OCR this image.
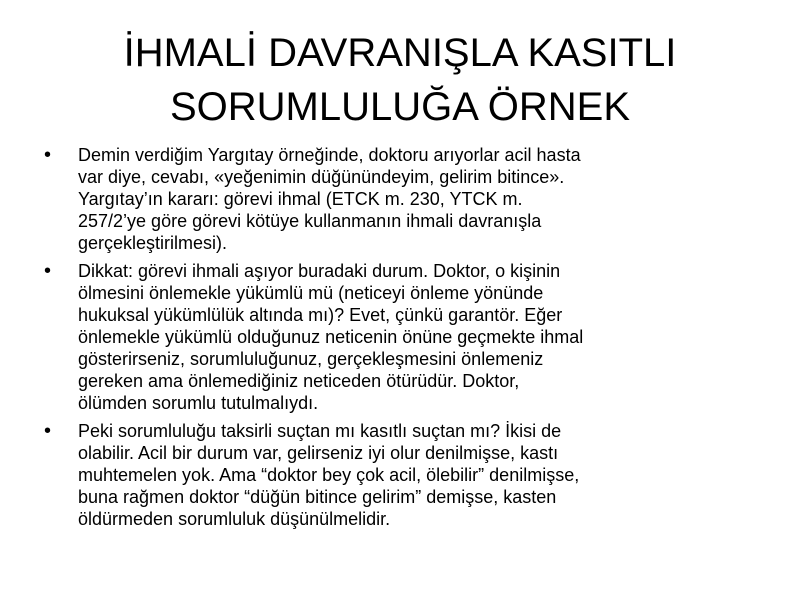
İHMALİ DAVRANIŞLA KASITLI
SORUMLULUĞA ÖRNEK
• Demin verdiğim Yargıtay örneğinde, doktoru arıyorlar acil hasta
var diye, cevabı, «yeğenimin düğünündeyim, gelirim bitince».
Yargıtay’ın kararı: görevi ihmal (ETCK m. 230, YTCK m.
257/2’ye göre görevi kötüye kullanmanın ihmali davranışla
gerçekleştirilmesi).
• Dikkat: görevi ihmali aşıyor buradaki durum. Doktor, o kişinin
ölmesini önlemekle yükümlü mü (neticeyi önleme yönünde
hukuksal yükümlülük altında mı)? Evet, çünkü garantör. Eğer
önlemekle yükümlü olduğunuz neticenin önüne geçmekte ihmal
gösterirseniz, sorumluluğunuz, gerçekleşmesini önlemeniz
gereken ama önlemediğiniz neticeden ötürüdür. Doktor,
ölümden sorumlu tutulmalıydı.
• Peki sorumluluğu taksirli suçtan mı kasıtlı suçtan mı? İkisi de
olabilir. Acil bir durum var, gelirseniz iyi olur denilmişse, kastı
muhtemelen yok. Ama “doktor bey çok acil, ölebilir” denilmişse,
buna rağmen doktor “düğün bitince gelirim” demişse, kasten
öldürmeden sorumluluk düşünülmelidir.
